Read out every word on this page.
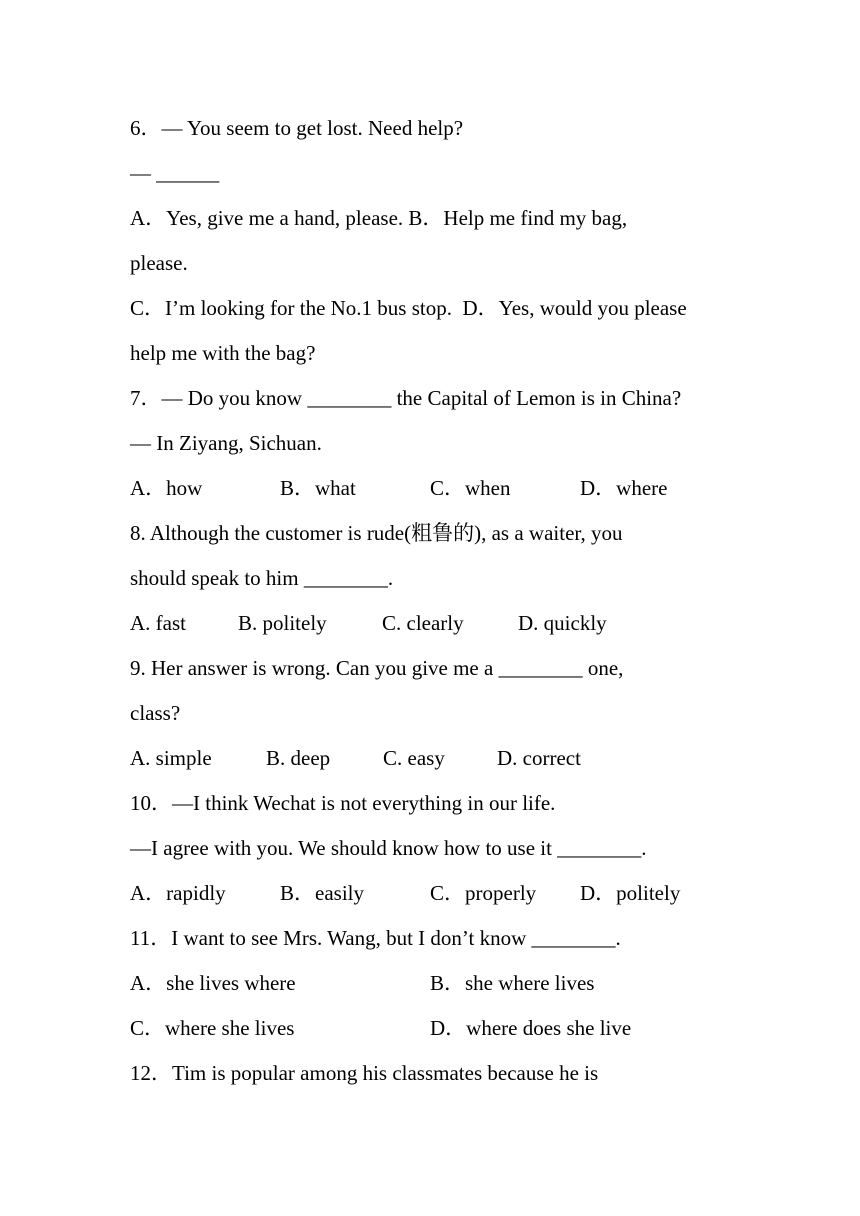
6．— You seem to get lost. Need help?
— ______
A．Yes, give me a hand, please. B．Help me find my bag,
please.
C．I’m looking for the No.1 bus stop.  D．Yes, would you please
help me with the bag?
7．— Do you know ________ the Capital of Lemon is in China?
— In Ziyang, Sichuan.

A．how

	B．what

	C．when

	D．where

8. Although the customer is rude(粗鲁的), as a waiter, you
should speak to him ________.

A. fast

B. politely

	C. clearly

	D. quickly

9. Her answer is wrong. Can you give me a ________ one,
class?

A. simple

	B. deep

	C. easy

D. correct

10．—I think Wechat is not everything in our life.
—I agree with you. We should know how to use it ________.

A．rapidly

	B．easily

	C．properly

D．politely

11．I want to see Mrs. Wang, but I don’t know ________.

A．she lives where

	B．she where lives

C．where she lives

	D．where does she live

12．Tim is popular among his classmates because he is
